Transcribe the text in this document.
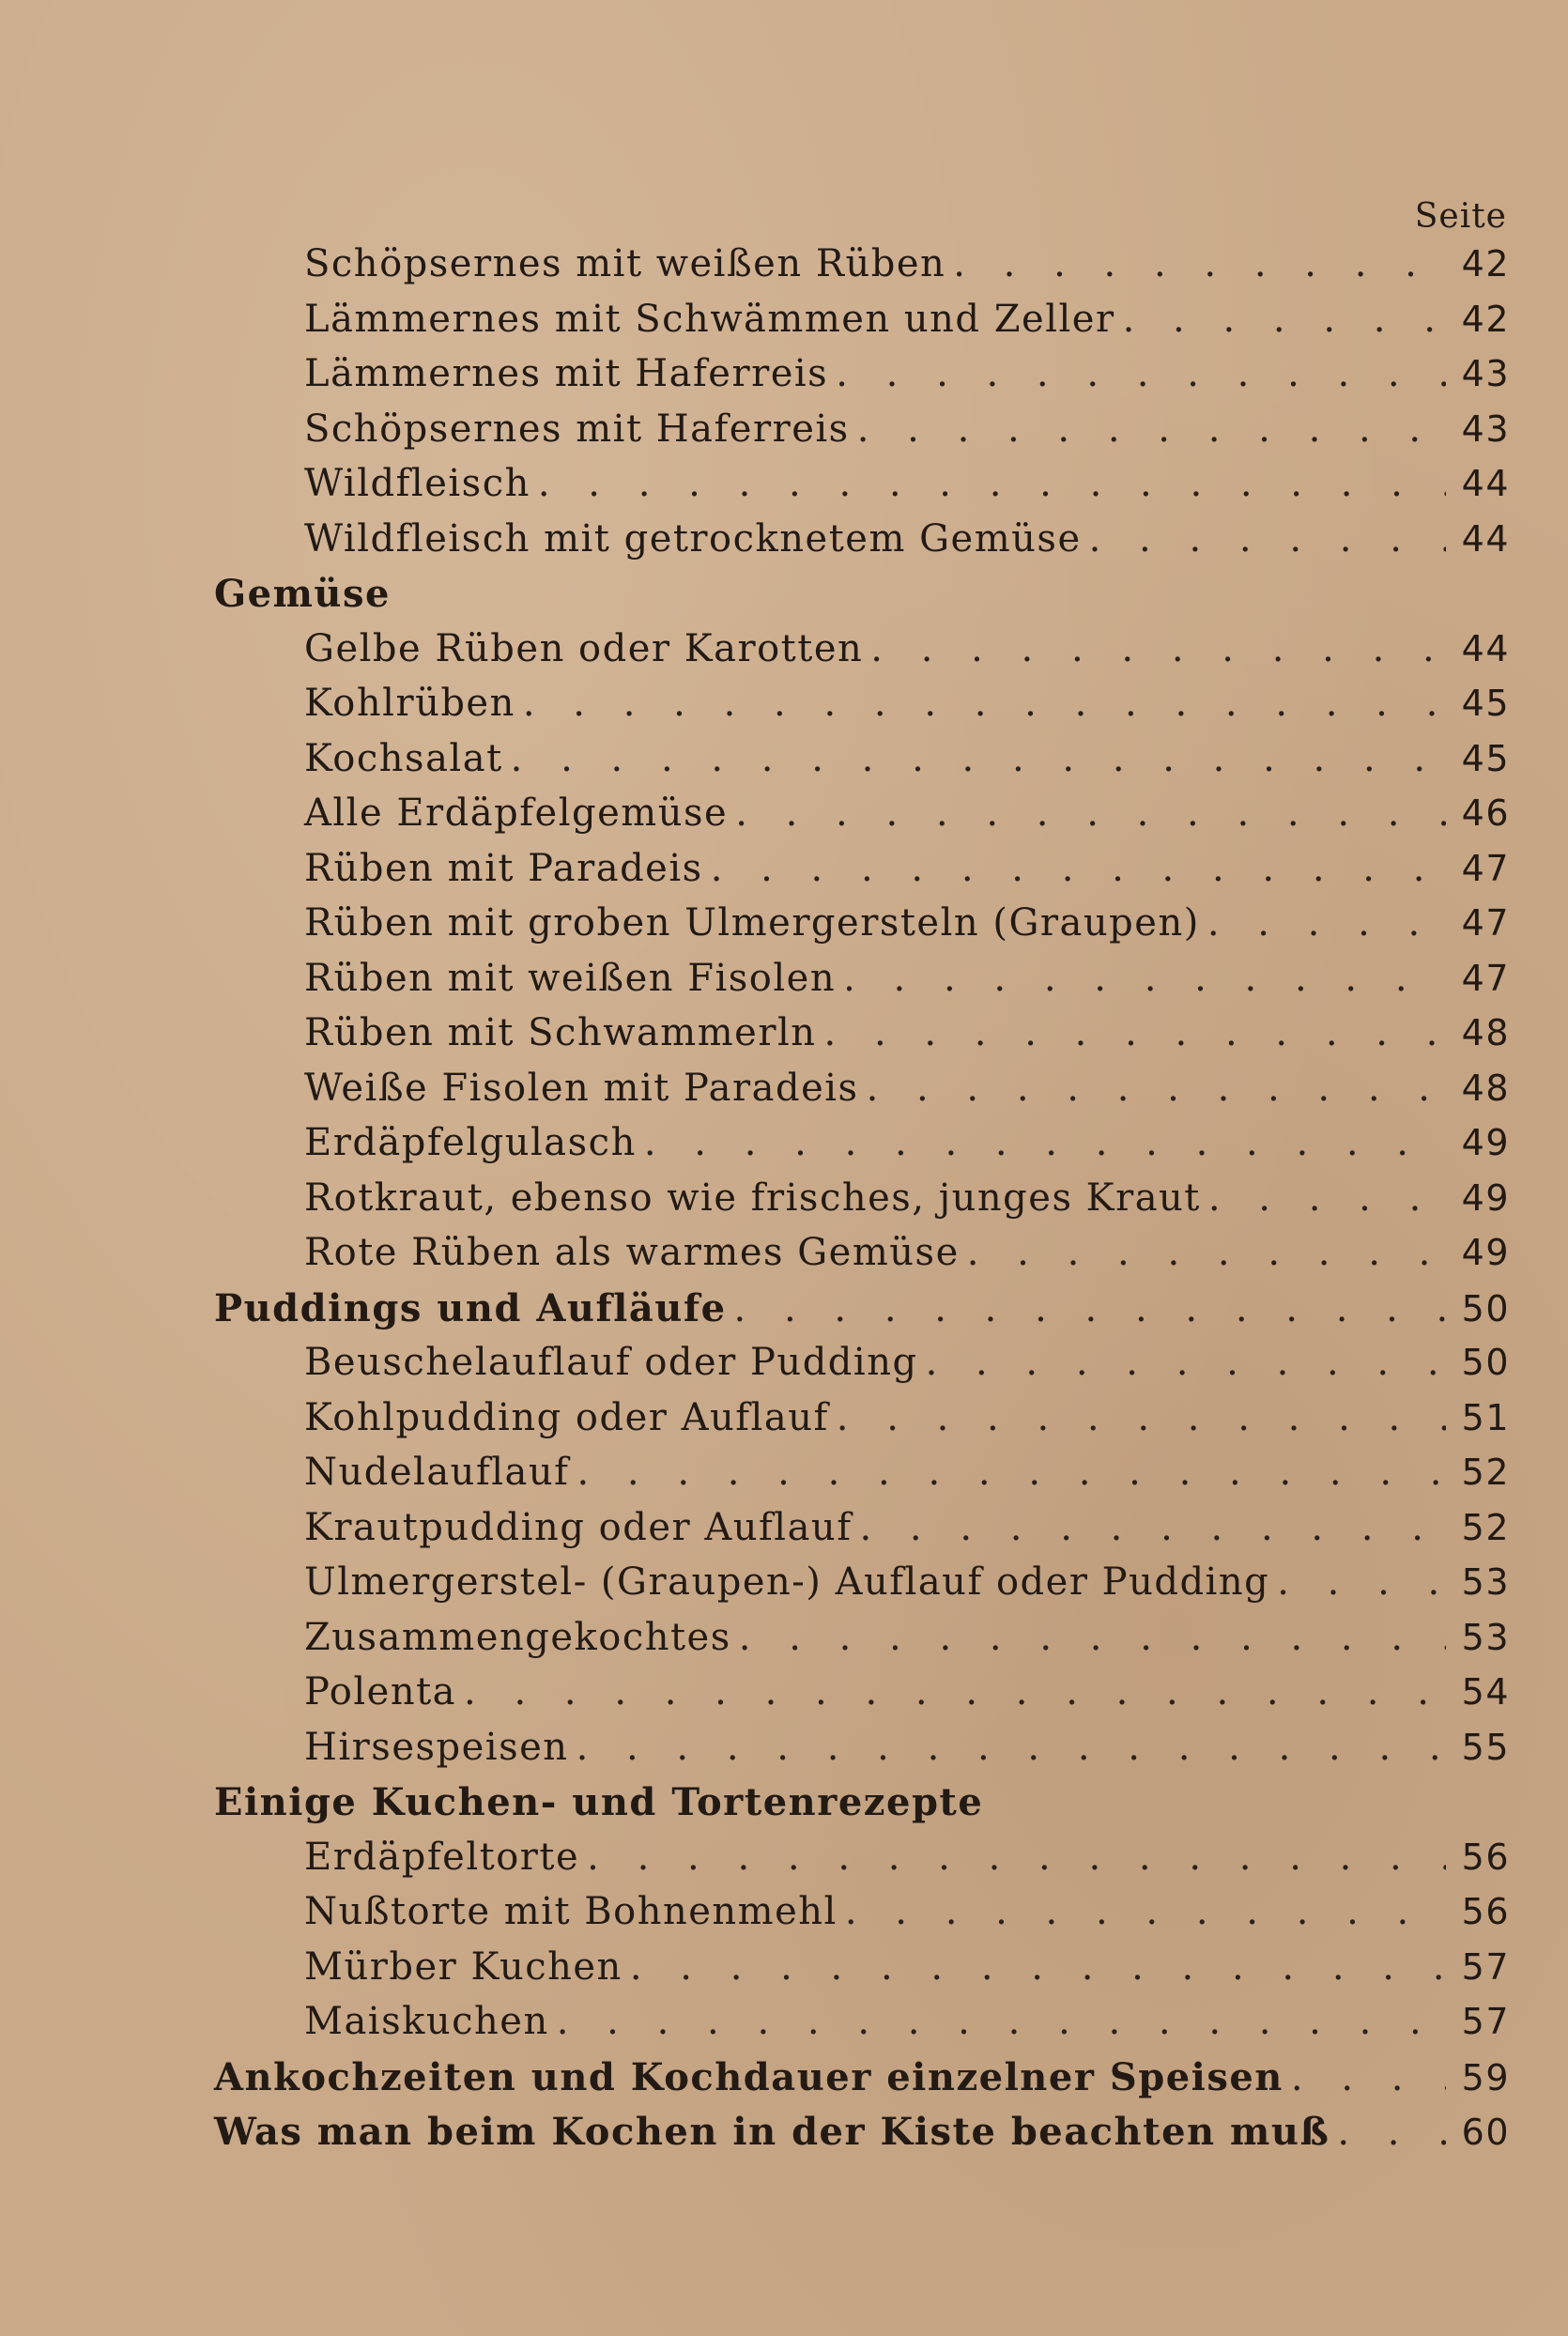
Seite
Schöpsernes mit weißen Rüben . . .	42
Lämmernes mit Schwämmen und Zeller . . .	42
Lämmernes mit Haferreis . . .	43
Schöpsernes mit Haferreis . . .	43
Wildfleisch . . .	44
Wildfleisch mit getrocknetem Gemüse . . .	44
Gemüse
Gelbe Rüben oder Karotten . . .	44
Kohlrüben . . .	45
Kochsalat . . .	45
Alle Erdäpfelgemüse . . .	46
Rüben mit Paradeis . . .	47
Rüben mit groben Ulmergersteln (Graupen) . . .	47
Rüben mit weißen Fisolen . . .	47
Rüben mit Schwammerln . . .	48
Weiße Fisolen mit Paradeis . . .	48
Erdäpfelgulasch . . .	49
Rotkraut, ebenso wie frisches, junges Kraut . . .	49
Rote Rüben als warmes Gemüse . . .	49
Puddings und Aufläufe . . .	50
Beuschelauflauf oder Pudding . . .	50
Kohlpudding oder Auflauf . . .	51
Nudelauflauf . . .	52
Krautpudding oder Auflauf . . .	52
Ulmergerstel- (Graupen-) Auflauf oder Pudding . . .	53
Zusammengekochtes . . .	53
Polenta . . .	54
Hirsespeisen . . .	55
Einige Kuchen- und Tortenrezepte
Erdäpfeltorte . . .	56
Nußtorte mit Bohnenmehl . . .	56
Mürber Kuchen . . .	57
Maiskuchen . . .	57
Ankochzeiten und Kochdauer einzelner Speisen . . .	59
Was man beim Kochen in der Kiste beachten muß . . .	60
